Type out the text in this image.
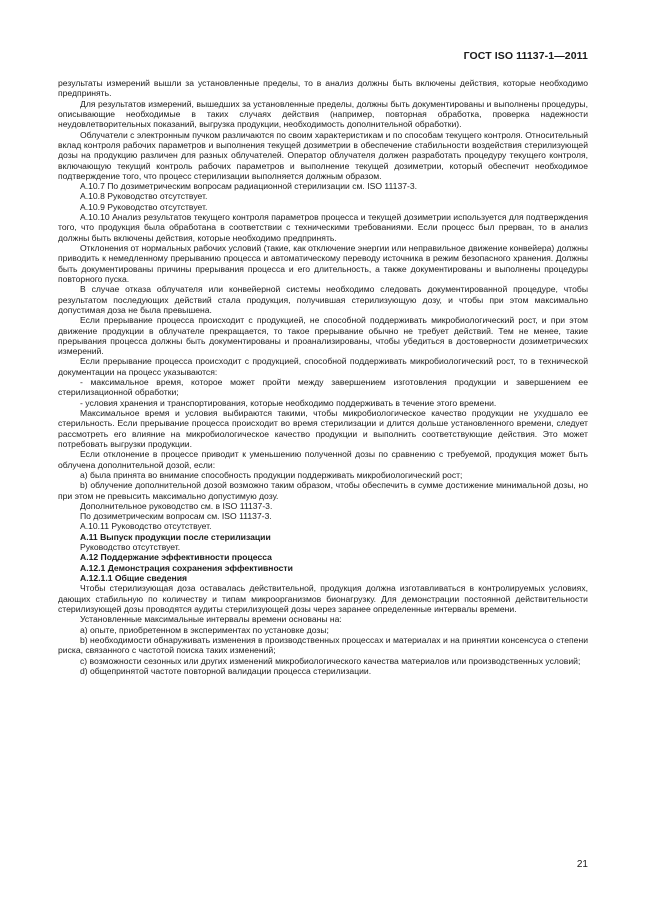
ГОСТ ISO 11137-1—2011

результаты измерений вышли за установленные пределы, то в анализ должны быть включены действия, которые необходимо предпринять.

Для результатов измерений, вышедших за установленные пределы, должны быть документированы и выполнены процедуры, описывающие необходимые в таких случаях действия (например, повторная обработка, проверка надежности неудовлетворительных показаний, выгрузка продукции, необходимость дополнительной обработки).

Облучатели с электронным пучком различаются по своим характеристикам и по способам текущего контроля. Относительный вклад контроля рабочих параметров и выполнения текущей дозиметрии в обеспечение стабильности воздействия стерилизующей дозы на продукцию различен для разных облучателей. Оператор облучателя должен разработать процедуру текущего контроля, включающую текущий контроль рабочих параметров и выполнение текущей дозиметрии, который обеспечит необходимое подтверждение того, что процесс стерилизации выполняется должным образом.

А.10.7 По дозиметрическим вопросам радиационной стерилизации см. ISO 11137-3.

А.10.8 Руководство отсутствует.

А.10.9 Руководство отсутствует.

А.10.10 Анализ результатов текущего контроля параметров процесса и текущей дозиметрии используется для подтверждения того, что продукция была обработана в соответствии с техническими требованиями. Если процесс был прерван, то в анализ должны быть включены действия, которые необходимо предпринять.

Отклонения от нормальных рабочих условий (такие, как отключение энергии или неправильное движение конвейера) должны приводить к немедленному прерыванию процесса и автоматическому переводу источника в режим безопасного хранения. Должны быть документированы причины прерывания процесса и его длительность, а также документированы и выполнены процедуры повторного пуска.

В случае отказа облучателя или конвейерной системы необходимо следовать документированной процедуре, чтобы результатом последующих действий стала продукция, получившая стерилизующую дозу, и чтобы при этом максимально допустимая доза не была превышена.

Если прерывание процесса происходит с продукцией, не способной поддерживать микробиологический рост, и при этом движение продукции в облучателе прекращается, то такое прерывание обычно не требует действий. Тем не менее, такие прерывания процесса должны быть документированы и проанализированы, чтобы убедиться в достоверности дозиметрических измерений.

Если прерывание процесса происходит с продукцией, способной поддерживать микробиологический рост, то в технической документации на процесс указываются:

- максимальное время, которое может пройти между завершением изготовления продукции и завершением ее стерилизационной обработки;

- условия хранения и транспортирования, которые необходимо поддерживать в течение этого времени.

Максимальное время и условия выбираются такими, чтобы микробиологическое качество продукции не ухудшало ее стерильность. Если прерывание процесса происходит во время стерилизации и длится дольше установленного времени, следует рассмотреть его влияние на микробиологическое качество продукции и выполнить соответствующие действия. Это может потребовать выгрузки продукции.

Если отклонение в процессе приводит к уменьшению полученной дозы по сравнению с требуемой, продукция может быть облучена дополнительной дозой, если:

а) была принята во внимание способность продукции поддерживать микробиологический рост;

b) облучение дополнительной дозой возможно таким образом, чтобы обеспечить в сумме достижение минимальной дозы, но при этом не превысить максимально допустимую дозу.

Дополнительное руководство см. в ISO 11137-3.

По дозиметрическим вопросам см. ISO 11137-3.

А.10.11 Руководство отсутствует.

А.11 Выпуск продукции после стерилизации

Руководство отсутствует.

А.12 Поддержание эффективности процесса

А.12.1 Демонстрация сохранения эффективности

А.12.1.1 Общие сведения

Чтобы стерилизующая доза оставалась действительной, продукция должна изготавливаться в контролируемых условиях, дающих стабильную по количеству и типам микроорганизмов бионагрузку. Для демонстрации постоянной действительности стерилизующей дозы проводятся аудиты стерилизующей дозы через заранее определенные интервалы времени.

Установленные максимальные интервалы времени основаны на:

а) опыте, приобретенном в экспериментах по установке дозы;

b) необходимости обнаруживать изменения в производственных процессах и материалах и на принятии консенсуса о степени риска, связанного с частотой поиска таких изменений;

с) возможности сезонных или других изменений микробиологического качества материалов или производственных условий;

d) общепринятой частоте повторной валидации процесса стерилизации.

21
